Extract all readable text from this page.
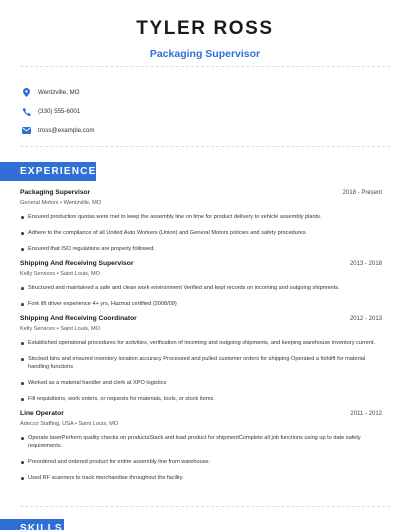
TYLER ROSS
Packaging Supervisor
Wentzville, MO
(330) 555-6001
tross@example.com
EXPERIENCE
Packaging Supervisor	2018 - Present
General Motors • Wentzville, MO
Ensured production quotas were met to keep the assembly line on time for product delivery to vehicle assembly plants.
Adhere to the compliance of all United Auto Workers (Union) and General Motors policies and safety procedures.
Ensured that ISO regulations are properly followed.
Shipping And Receiving Supervisor	2013 - 2018
Kelly Services • Saint Louis, MO
Structured and maintained a safe and clean work environment Verified and kept records on incoming and outgoing shipments.
Fork lift driver experience 4+ yrs, Hazmat certified (2008/09)
Shipping And Receiving Coordinator	2012 - 2013
Kelly Services • Saint Louis, MO
Established operational procedures for activities, verification of incoming and outgoing shipments, and keeping warehouse inventory current.
Stocked bins and ensured inventory location accuracy Processed and pulled customer orders for shipping Operated a forklift for material handling functions
Worked as a material handler and clerk at XPO logistics
Fill requisitions, work orders, or requests for materials, tools, or stock items.
Line Operator	2011 - 2012
Adecco Staffing, USA • Saint Louis, MO
Operate laserPerform quality checks on productsStack and load product for shipmentComplete all job functions using up to date safety requirements.
Preordered and ordered product for entire assembly line from warehouse.
Used RF scanners to track merchandise throughout the facility.
SKILLS
